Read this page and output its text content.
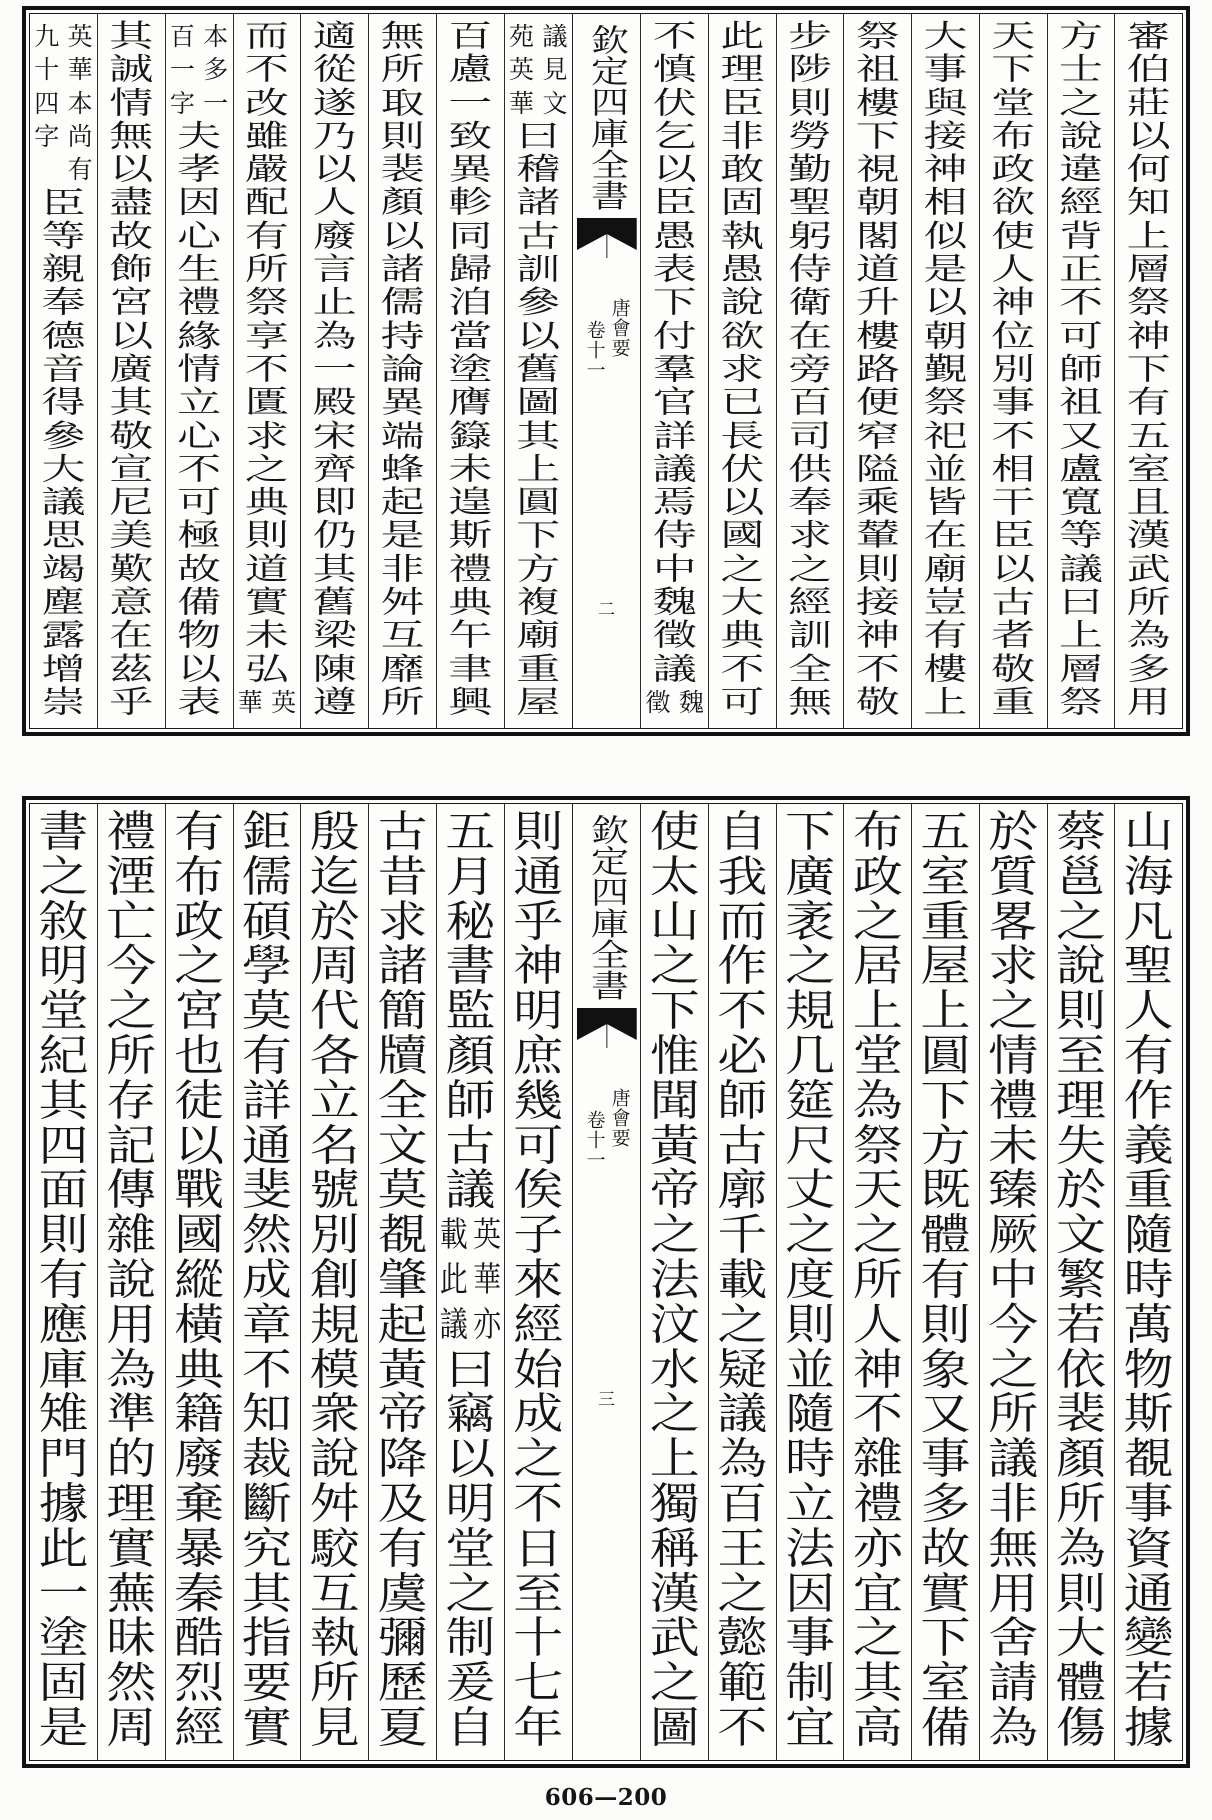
審
伯
莊
以
何
知
上
層
祭
神
下
有
五
室
且
漢
武
所
為
多
用
方
士
之
說
違
經
背
正
不
可
師
祖
又
盧
寬
等
議
曰
上
層
祭
天
下
堂
布
政
欲
使
人
神
位
別
事
不
相
干
臣
以
古
者
敬
重
大
事
與
接
神
相
似
是
以
朝
覲
祭
祀
並
皆
在
廟
豈
有
樓
上
祭
祖
樓
下
視
朝
閣
道
升
樓
路
便
窄
隘
乘
輦
則
接
神
不
敬
步
陟
則
勞
勤
聖
躬
侍
衛
在
旁
百
司
供
奉
求
之
經
訓
全
無
此
理
臣
非
敢
固
執
愚
說
欲
求
已
長
伏
以
國
之
大
典
不
可
不
慎
伏
乞
以
臣
愚
表
下
付
羣
官
詳
議
焉
侍
中
魏
徵
議
魏
徵
欽定四庫全書
唐會要
卷十一
二
議
見
文
苑
英
華
曰
稽
諸
古
訓
參
以
舊
圖
其
上
圓
下
方
複
廟
重
屋
百
慮
一
致
異
軫
同
歸
洎
當
塗
膺
籙
未
遑
斯
禮
典
午
聿
興
無
所
取
則
裴
顏
以
諸
儒
持
論
異
端
蜂
起
是
非
舛
互
靡
所
適
從
遂
乃
以
人
廢
言
止
為
一
殿
宋
齊
即
仍
其
舊
梁
陳
遵
而
不
改
雖
嚴
配
有
所
祭
享
不
匱
求
之
典
則
道
實
未
弘
英
華
本
多
一
百
一
字
夫
孝
因
心
生
禮
緣
情
立
心
不
可
極
故
備
物
以
表
其
誠
情
無
以
盡
故
飾
宮
以
廣
其
敬
宣
尼
美
歎
意
在
茲
乎
英
華
本
尚
有
九
十
四
字
臣
等
親
奉
德
音
得
參
大
議
思
竭
塵
露
增
崇
山
海
凡
聖
人
有
作
義
重
隨
時
萬
物
斯
覩
事
資
通
變
若
據
蔡
邕
之
說
則
至
理
失
於
文
繁
若
依
裴
顏
所
為
則
大
體
傷
於
質
畧
求
之
情
禮
未
臻
厥
中
今
之
所
議
非
無
用
舍
請
為
五
室
重
屋
上
圓
下
方
既
體
有
則
象
又
事
多
故
實
下
室
備
布
政
之
居
上
堂
為
祭
天
之
所
人
神
不
雜
禮
亦
宜
之
其
高
下
廣
袤
之
規
几
筵
尺
丈
之
度
則
並
隨
時
立
法
因
事
制
宜
自
我
而
作
不
必
師
古
廓
千
載
之
疑
議
為
百
王
之
懿
範
不
使
太
山
之
下
惟
聞
黃
帝
之
法
汶
水
之
上
獨
稱
漢
武
之
圖
欽定四庫全書
唐會要
卷十一
三
則
通
乎
神
明
庶
幾
可
俟
子
來
經
始
成
之
不
日
至
十
七
年
五
月
秘
書
監
顏
師
古
議
英
華
亦
載
此
議
曰
竊
以
明
堂
之
制
爰
自
古
昔
求
諸
簡
牘
全
文
莫
覩
肇
起
黃
帝
降
及
有
虞
彌
歷
夏
殷
迄
於
周
代
各
立
名
號
別
創
規
模
衆
說
舛
駮
互
執
所
見
鉅
儒
碩
學
莫
有
詳
通
斐
然
成
章
不
知
裁
斷
究
其
指
要
實
有
布
政
之
宮
也
徒
以
戰
國
縱
橫
典
籍
廢
棄
暴
秦
酷
烈
經
禮
湮
亡
今
之
所
存
記
傳
雜
說
用
為
準
的
理
實
蕪
昧
然
周
書
之
敘
明
堂
紀
其
四
面
則
有
應
庫
雉
門
據
此
一
塗
固
是
606—200
